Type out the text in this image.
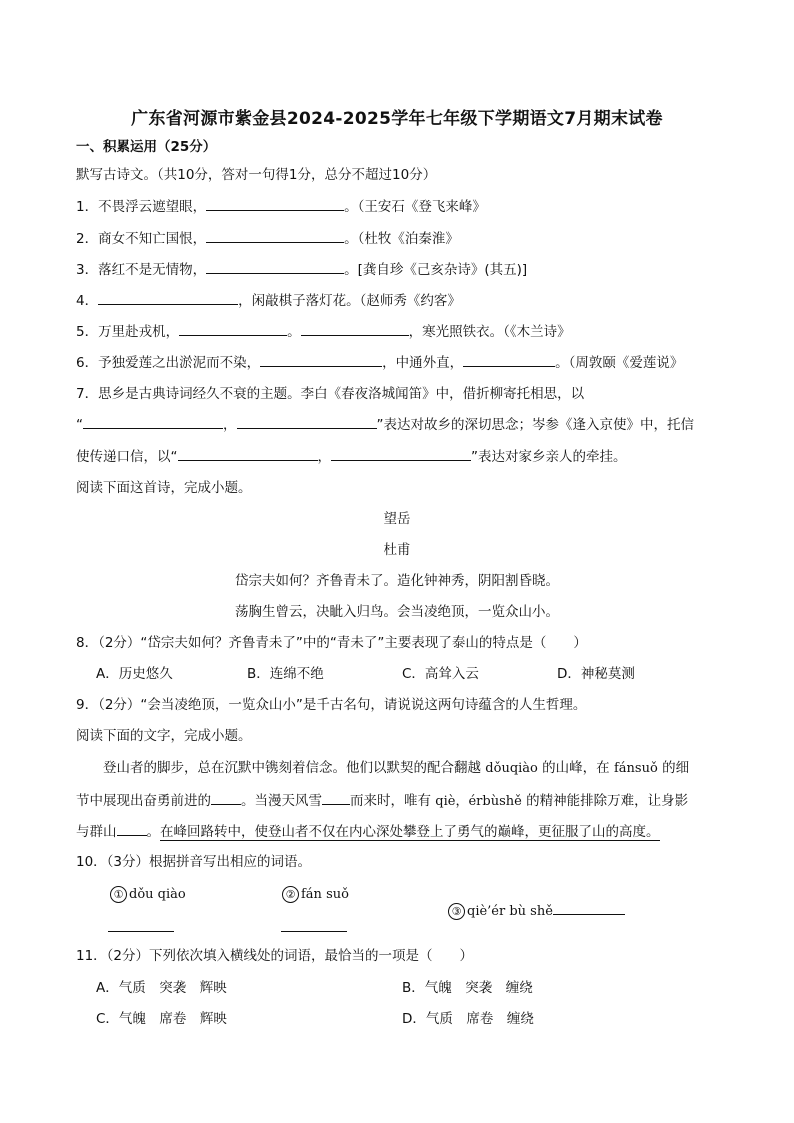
广东省河源市紫金县2024-2025学年七年级下学期语文7月期末试卷
一、积累运用（25分）
默写古诗文。（共10分，答对一句得1分，总分不超过10分）
1．不畏浮云遮望眼，	。（王安石《登飞来峰》
2．商女不知亡国恨，	。（杜牧《泊秦淮》
3．落红不是无情物，	。[龚自珍《己亥杂诗》(其五)]
4．	，闲敲棋子落灯花。（赵师秀《约客》
5．万里赴戎机，	。	，寒光照铁衣。（《木兰诗》
6．予独爱莲之出淤泥而不染，	，中通外直，	。（周敦颐《爱莲说》
7．思乡是古典诗词经久不衰的主题。李白《春夜洛城闻笛》中，借折柳寄托相思，以
“	，	”表达对故乡的深切思念；岑参《逢入京使》中，托信
使传递口信，以“	，	”表达对家乡亲人的牵挂。
阅读下面这首诗，完成小题。
望岳
杜甫
岱宗夫如何？齐鲁青未了。造化钟神秀，阴阳割昏晓。
荡胸生曾云，决眦入归鸟。会当凌绝顶，一览众山小。
8．（2分）“岱宗夫如何？齐鲁青未了”中的“青未了”主要表现了泰山的特点是（　　）
A．历史悠久	B．连绵不绝	C．高耸入云	D．神秘莫测
9．（2分）“会当凌绝顶，一览众山小”是千古名句，请说说这两句诗蕴含的人生哲理。
阅读下面的文字，完成小题。
登山者的脚步，总在沉默中镌刻着信念。他们以默契的配合翻越 dǒuqiào 的山峰，在 fánsuǒ 的细
节中展现出奋勇前进的 。当漫天风雪 而来时，唯有 qiè，érbùshě 的精神能排除万难，让身影
与群山 。在峰回路转中，使登山者不仅在内心深处攀登上了勇气的巅峰，更征服了山的高度。
10．（3分）根据拼音写出相应的词语。
① dǒu qiào	② fán suǒ
③ qiè’ér bù shě
11．（2分）下列依次填入横线处的词语，最恰当的一项是（　　）
A．气质　突袭　辉映	B．气魄　突袭　缠绕
C．气魄　席卷　辉映	D．气质　席卷　缠绕
